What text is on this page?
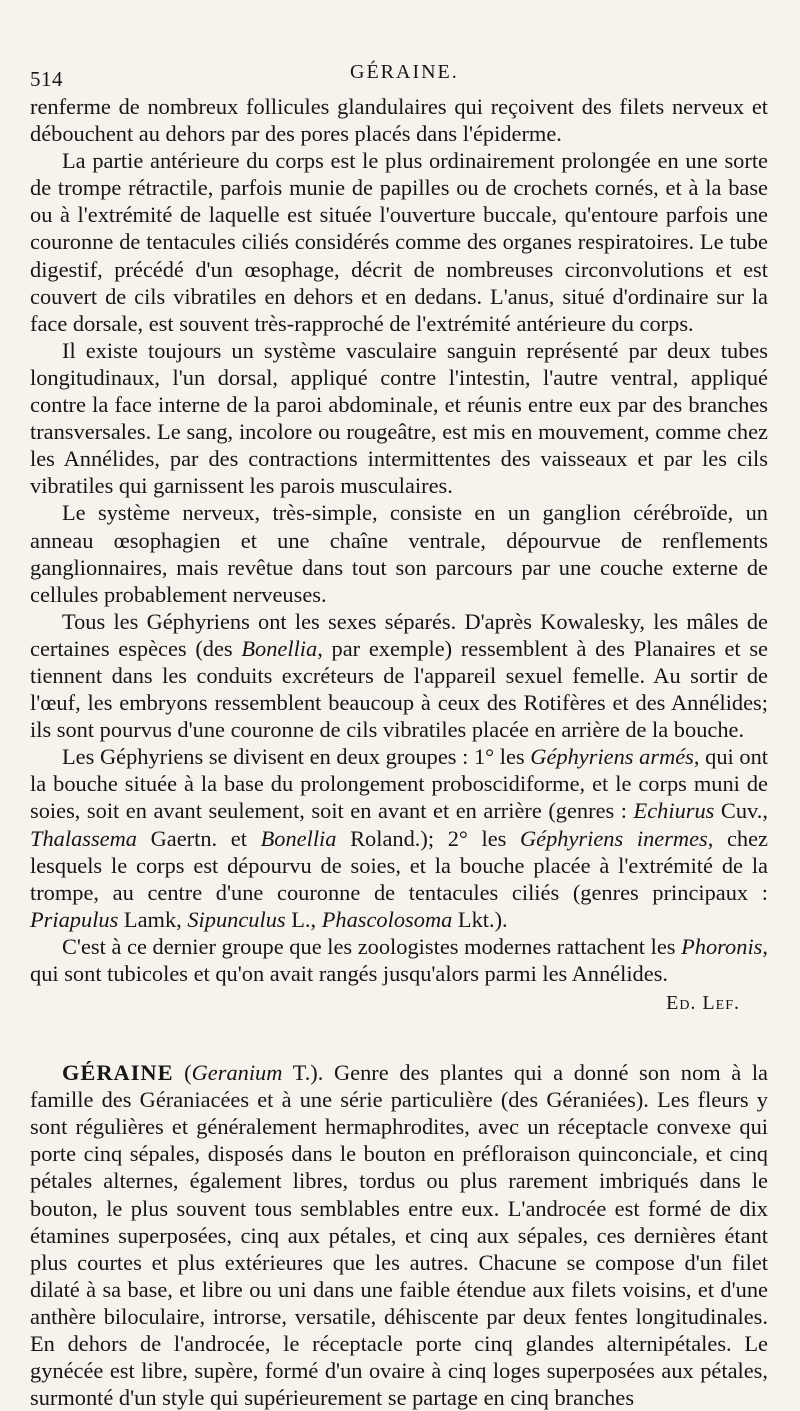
514	GÉRAINE.

renferme de nombreux follicules glandulaires qui reçoivent des filets nerveux et débouchent au dehors par des pores placés dans l'épiderme.

La partie antérieure du corps est le plus ordinairement prolongée en une sorte de trompe rétractile, parfois munie de papilles ou de crochets cornés, et à la base ou à l'extrémité de laquelle est située l'ouverture buccale, qu'entoure parfois une couronne de tentacules ciliés considérés comme des organes respiratoires. Le tube digestif, précédé d'un œsophage, décrit de nombreuses circonvolutions et est couvert de cils vibratiles en dehors et en dedans. L'anus, situé d'ordinaire sur la face dorsale, est souvent très-rapproché de l'extrémité antérieure du corps.

Il existe toujours un système vasculaire sanguin représenté par deux tubes longitudinaux, l'un dorsal, appliqué contre l'intestin, l'autre ventral, appliqué contre la face interne de la paroi abdominale, et réunis entre eux par des branches transversales. Le sang, incolore ou rougeâtre, est mis en mouvement, comme chez les Annélides, par des contractions intermittentes des vaisseaux et par les cils vibratiles qui garnissent les parois musculaires.

Le système nerveux, très-simple, consiste en un ganglion cérébroïde, un anneau œsophagien et une chaîne ventrale, dépourvue de renflements ganglionnaires, mais revêtue dans tout son parcours par une couche externe de cellules probablement nerveuses.

Tous les Géphyriens ont les sexes séparés. D'après Kowalesky, les mâles de certaines espèces (des Bonellia, par exemple) ressemblent à des Planaires et se tiennent dans les conduits excréteurs de l'appareil sexuel femelle. Au sortir de l'œuf, les embryons ressemblent beaucoup à ceux des Rotifères et des Annélides; ils sont pourvus d'une couronne de cils vibratiles placée en arrière de la bouche.

Les Géphyriens se divisent en deux groupes : 1° les Géphyriens armés, qui ont la bouche située à la base du prolongement proboscidiforme, et le corps muni de soies, soit en avant seulement, soit en avant et en arrière (genres : Echiurus Cuv., Thalassema Gaertn. et Bonellia Roland.); 2° les Géphyriens inermes, chez lesquels le corps est dépourvu de soies, et la bouche placée à l'extrémité de la trompe, au centre d'une couronne de tentacules ciliés (genres principaux : Priapulus Lamk, Sipunculus L., Phascolosoma Lkt.).

C'est à ce dernier groupe que les zoologistes modernes rattachent les Phoronis, qui sont tubicoles et qu'on avait rangés jusqu'alors parmi les Annélides.

Ed. Lef.

GÉRAINE (Geranium T.). Genre des plantes qui a donné son nom à la famille des Géraniacées et à une série particulière (des Géraniées). Les fleurs y sont régulières et généralement hermaphrodites, avec un réceptacle convexe qui porte cinq sépales, disposés dans le bouton en préfloraison quinconciale, et cinq pétales alternes, également libres, tordus ou plus rarement imbriqués dans le bouton, le plus souvent tous semblables entre eux. L'androcée est formé de dix étamines superposées, cinq aux pétales, et cinq aux sépales, ces dernières étant plus courtes et plus extérieures que les autres. Chacune se compose d'un filet dilaté à sa base, et libre ou uni dans une faible étendue aux filets voisins, et d'une anthère biloculaire, introrse, versatile, déhiscente par deux fentes longitudinales. En dehors de l'androcée, le réceptacle porte cinq glandes alternipétales. Le gynécée est libre, supère, formé d'un ovaire à cinq loges superposées aux pétales, surmonté d'un style qui supérieurement se partage en cinq branches
